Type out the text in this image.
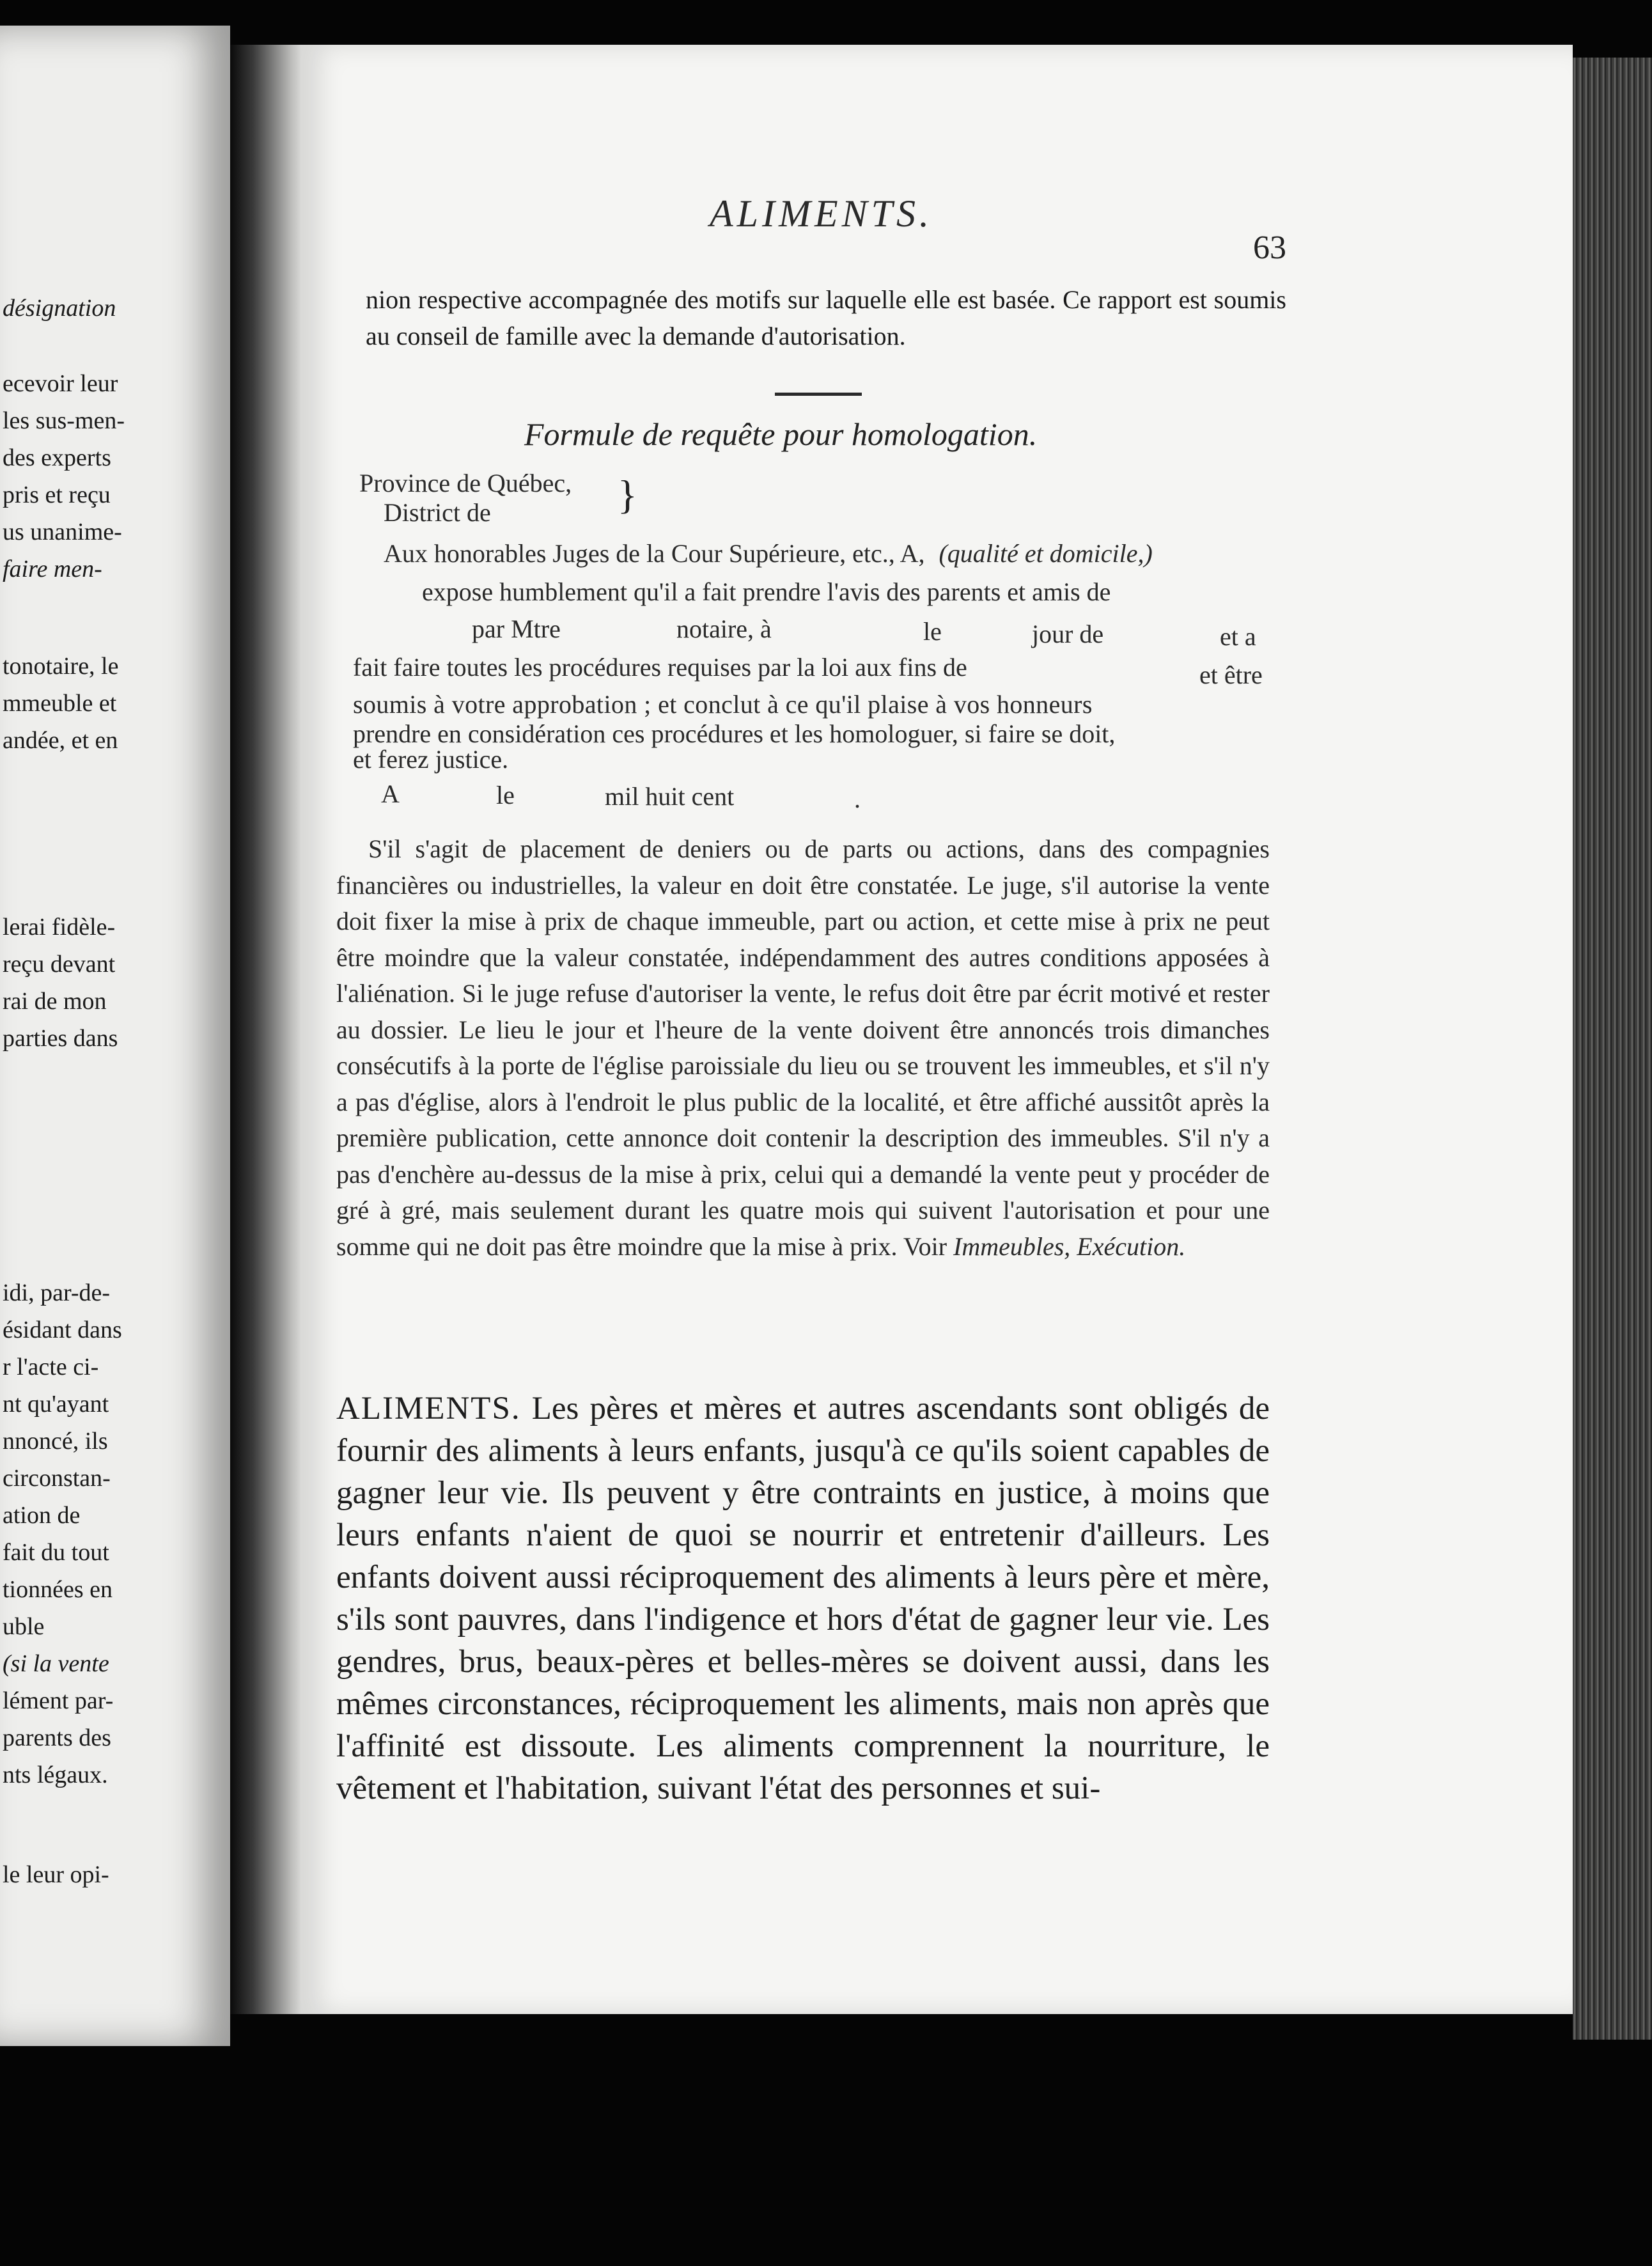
désignation
ecevoir leur
les sus-men-
des experts
pris et reçu
us unanime-
faire men-
tonotaire, le
mmeuble et
andée, et en
lerai fidèle-
reçu devant
rai de mon
parties dans
idi, par-de-
ésidant dans
r l'acte ci-
nt qu'ayant
nnoncé, ils
circonstan-
ation de
fait du tout
tionnées en
uble
(si la vente
lément par-
parents des
nts légaux.
le leur opi-
ALIMENTS.
63
nion respective accompagnée des motifs sur laquelle elle est basée. Ce rapport est soumis au conseil de famille avec la demande d'autorisation.
Formule de requête pour homologation.
Province de Québec,
District de	}
Aux honorables Juges de la Cour Supérieure, etc., A, (qualité et domicile,)
expose humblement qu'il a fait prendre l'avis des parents et amis de
par Mtre	notaire, à	le	jour de	et a
fait faire toutes les procédures requises par la loi aux fins de	et être
soumis à votre approbation ; et conclut à ce qu'il plaise à vos honneurs
prendre en considération ces procédures et les homologuer, si faire se doit,
et ferez justice.
A	le	mil huit cent	.
S'il s'agit de placement de deniers ou de parts ou actions, dans des compagnies financières ou industrielles, la valeur en doit être constatée. Le juge, s'il autorise la vente doit fixer la mise à prix de chaque immeuble, part ou action, et cette mise à prix ne peut être moindre que la valeur constatée, indépendamment des autres conditions apposées à l'aliénation. Si le juge refuse d'autoriser la vente, le refus doit être par écrit motivé et rester au dossier. Le lieu le jour et l'heure de la vente doivent être annoncés trois dimanches consécutifs à la porte de l'église paroissiale du lieu ou se trouvent les immeubles, et s'il n'y a pas d'église, alors à l'endroit le plus public de la localité, et être affiché aussitôt après la première publication, cette annonce doit contenir la description des immeubles. S'il n'y a pas d'enchère au-dessus de la mise à prix, celui qui a demandé la vente peut y procéder de gré à gré, mais seulement durant les quatre mois qui suivent l'autorisation et pour une somme qui ne doit pas être moindre que la mise à prix. Voir Immeubles, Exécution.
ALIMENTS. Les pères et mères et autres ascendants sont obligés de fournir des aliments à leurs enfants, jusqu'à ce qu'ils soient capables de gagner leur vie. Ils peuvent y être contraints en justice, à moins que leurs enfants n'aient de quoi se nourrir et entretenir d'ailleurs. Les enfants doivent aussi réciproquement des aliments à leurs père et mère, s'ils sont pauvres, dans l'indigence et hors d'état de gagner leur vie. Les gendres, brus, beaux-pères et belles-mères se doivent aussi, dans les mêmes circonstances, réciproquement les aliments, mais non après que l'affinité est dissoute. Les aliments comprennent la nourriture, le vêtement et l'habitation, suivant l'état des personnes et sui-
